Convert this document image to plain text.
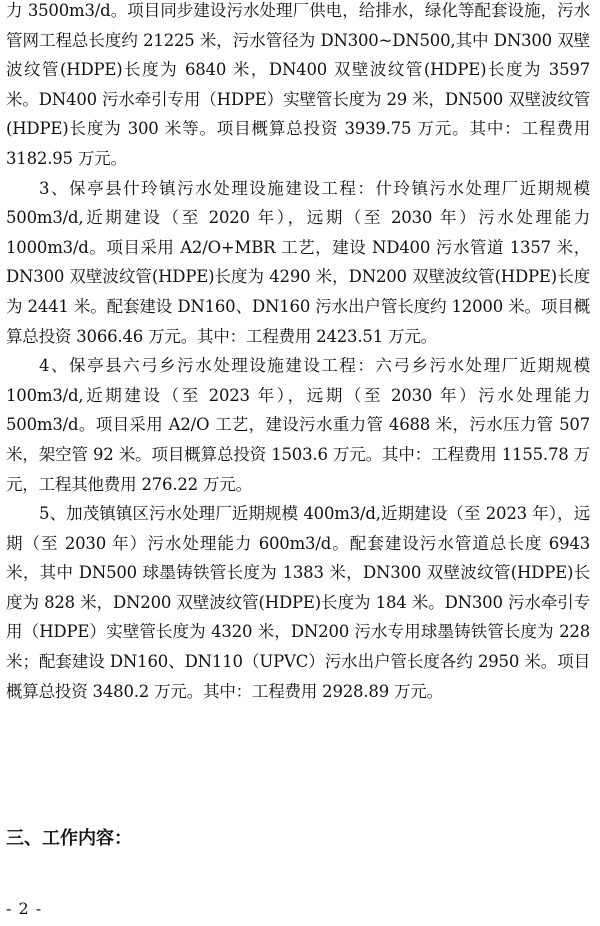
力 3500m3/d。项目同步建设污水处理厂供电，给排水，绿化等配套设施，污水管网工程总长度约 21225 米，污水管径为 DN300~DN500,其中 DN300 双壁波纹管(HDPE)长度为 6840 米，DN400 双壁波纹管(HDPE)长度为 3597 米。DN400 污水牵引专用（HDPE）实壁管长度为 29 米，DN500 双壁波纹管(HDPE)长度为 300 米等。项目概算总投资 3939.75 万元。其中：工程费用 3182.95 万元。

3、保亭县什玲镇污水处理设施建设工程：什玲镇污水处理厂近期规模 500m3/d,近期建设（至 2020 年），远期（至 2030 年）污水处理能力 1000m3/d。项目采用 A2/O+MBR 工艺，建设 ND400 污水管道 1357 米，DN300 双壁波纹管(HDPE)长度为 4290 米，DN200 双壁波纹管(HDPE)长度为 2441 米。配套建设 DN160、DN160 污水出户管长度约 12000 米。项目概算总投资 3066.46 万元。其中：工程费用 2423.51 万元。

4、保亭县六弓乡污水处理设施建设工程：六弓乡污水处理厂近期规模 100m3/d,近期建设（至 2023 年），远期（至 2030 年）污水处理能力 500m3/d。项目采用 A2/O 工艺，建设污水重力管 4688 米，污水压力管 507 米，架空管 92 米。项目概算总投资 1503.6 万元。其中：工程费用 1155.78 万元，工程其他费用 276.22 万元。

5、加茂镇镇区污水处理厂近期规模 400m3/d,近期建设（至 2023 年），远期（至 2030 年）污水处理能力 600m3/d。配套建设污水管道总长度 6943 米，其中 DN500 球墨铸铁管长度为 1383 米，DN300 双壁波纹管(HDPE)长度为 828 米，DN200 双壁波纹管(HDPE)长度为 184 米。DN300 污水牵引专用（HDPE）实壁管长度为 4320 米，DN200 污水专用球墨铸铁管长度为 228 米；配套建设 DN160、DN110（UPVC）污水出户管长度各约 2950 米。项目概算总投资 3480.2 万元。其中：工程费用 2928.89 万元。

三、工作内容：

- 2 -
